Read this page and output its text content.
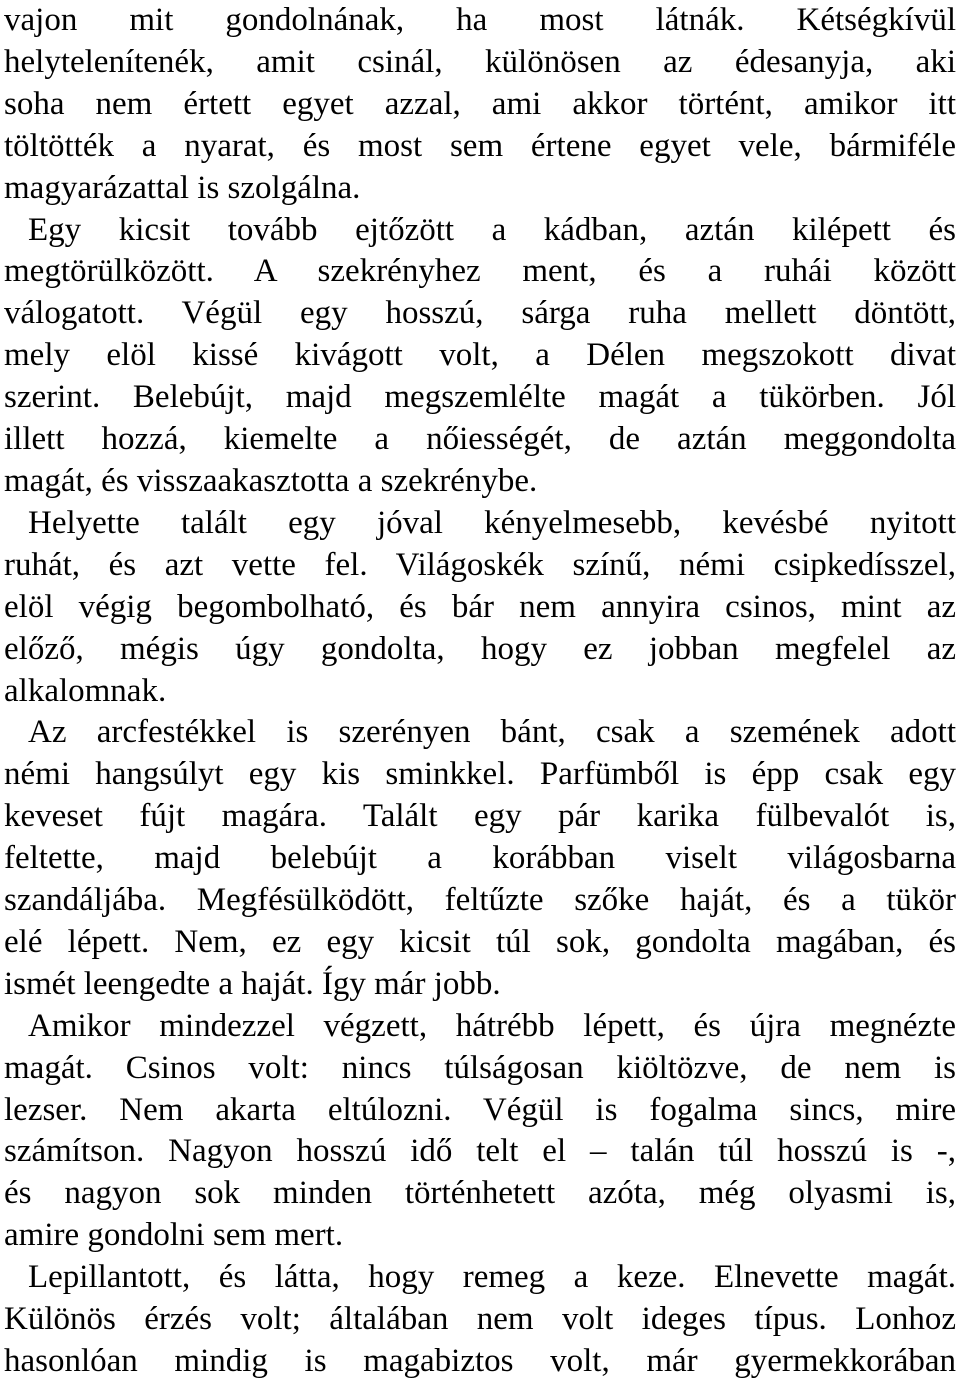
vajon mit gondolnának, ha most látnák. Kétségkívül
helytelenítenék, amit csinál, különösen az édesanyja, aki
soha nem értett egyet azzal, ami akkor történt, amikor itt
töltötték a nyarat, és most sem értene egyet vele, bármiféle
magyarázattal is szolgálna.
Egy kicsit tovább ejtőzött a kádban, aztán kilépett és
megtörülközött. A szekrényhez ment, és a ruhái között
válogatott. Végül egy hosszú, sárga ruha mellett döntött,
mely elöl kissé kivágott volt, a Délen megszokott divat
szerint. Belebújt, majd megszemlélte magát a tükörben. Jól
illett hozzá, kiemelte a nőiességét, de aztán meggondolta
magát, és visszaakasztotta a szekrénybe.
Helyette talált egy jóval kényelmesebb, kevésbé nyitott
ruhát, és azt vette fel. Világoskék színű, némi csipkedísszel,
elöl végig begombolható, és bár nem annyira csinos, mint az
előző, mégis úgy gondolta, hogy ez jobban megfelel az
alkalomnak.
Az arcfestékkel is szerényen bánt, csak a szemének adott
némi hangsúlyt egy kis sminkkel. Parfümből is épp csak egy
keveset fújt magára. Talált egy pár karika fülbevalót is,
feltette, majd belebújt a korábban viselt világosbarna
szandáljába. Megfésülködött, feltűzte szőke haját, és a tükör
elé lépett. Nem, ez egy kicsit túl sok, gondolta magában, és
ismét leengedte a haját. Így már jobb.
Amikor mindezzel végzett, hátrébb lépett, és újra megnézte
magát. Csinos volt: nincs túlságosan kiöltözve, de nem is
lezser. Nem akarta eltúlozni. Végül is fogalma sincs, mire
számítson. Nagyon hosszú idő telt el – talán túl hosszú is -,
és nagyon sok minden történhetett azóta, még olyasmi is,
amire gondolni sem mert.
Lepillantott, és látta, hogy remeg a keze. Elnevette magát.
Különös érzés volt; általában nem volt ideges típus. Lonhoz
hasonlóan mindig is magabiztos volt, már gyermekkorában
